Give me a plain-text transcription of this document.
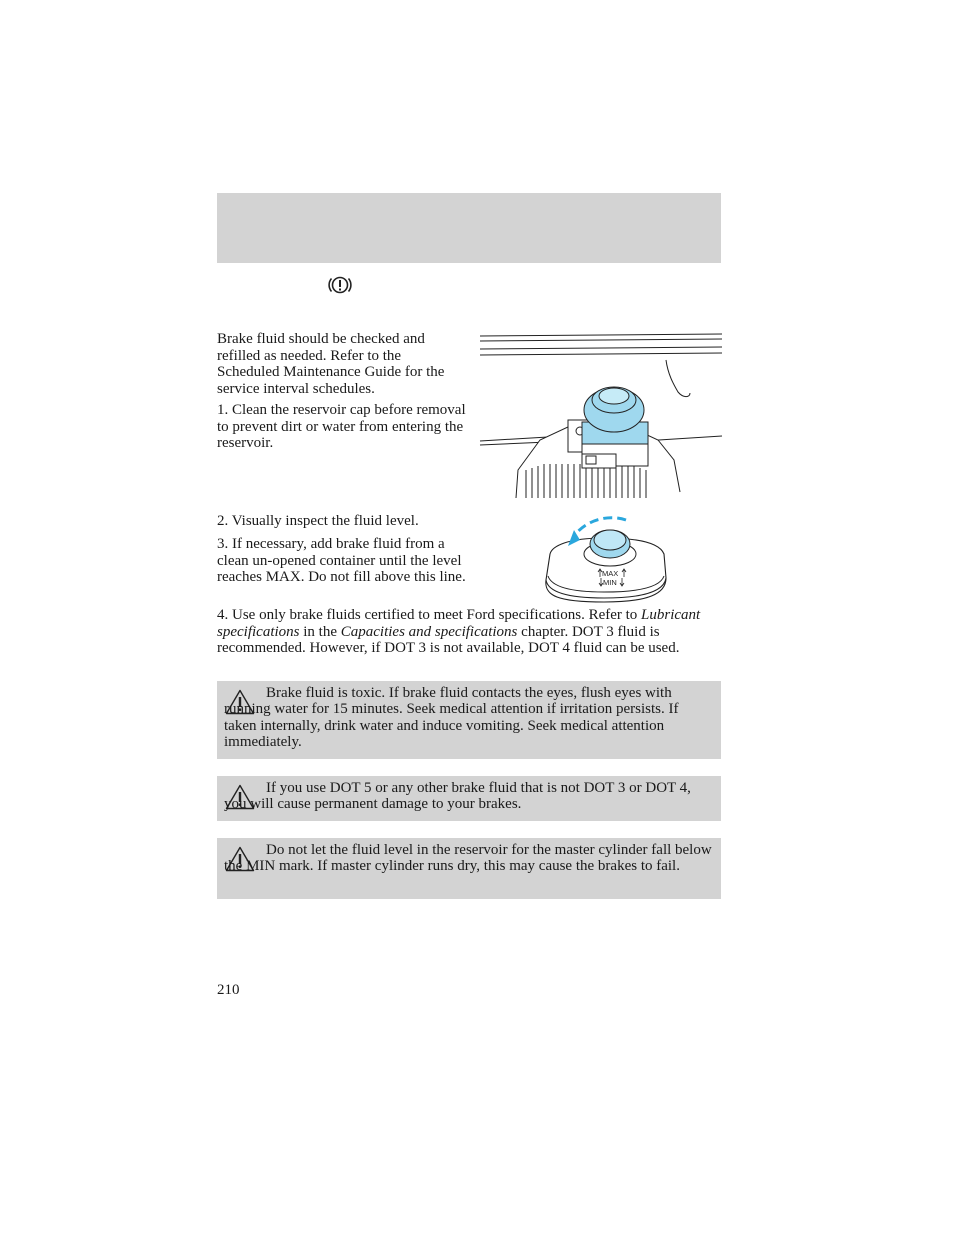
Brake fluid should be checked and refilled as needed. Refer to the Scheduled Maintenance Guide for the service interval schedules.

1. Clean the reservoir cap before removal to prevent dirt or water from entering the reservoir.

2. Visually inspect the fluid level.

3. If necessary, add brake fluid from a clean un-opened container until the level reaches MAX. Do not fill above this line.	MAX
MIN

4. Use only brake fluids certified to meet Ford specifications. Refer to Lubricant specifications in the Capacities and specifications chapter. DOT 3 fluid is recommended. However, if DOT 3 is not available, DOT 4 fluid can be used.

Brake fluid is toxic. If brake fluid contacts the eyes, flush eyes with running water for 15 minutes. Seek medical attention if irritation persists. If taken internally, drink water and induce vomiting. Seek medical attention immediately.

If you use DOT 5 or any other brake fluid that is not DOT 3 or DOT 4, you will cause permanent damage to your brakes.

Do not let the fluid level in the reservoir for the master cylinder fall below the MIN mark. If master cylinder runs dry, this may cause the brakes to fail.

210
